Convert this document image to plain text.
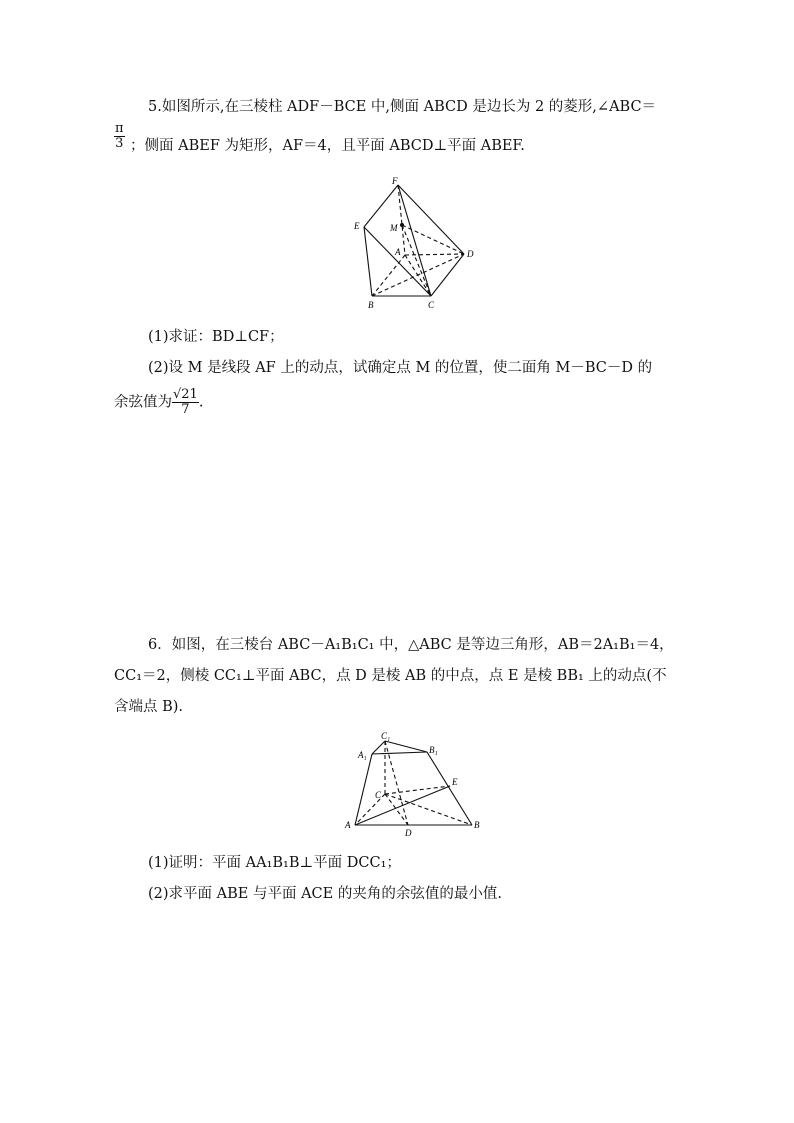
5.如图所示,在三棱柱 ADF－BCE 中,侧面 ABCD 是边长为 2 的菱形,∠ABC＝
$\frac{\pi}{3}$ ；侧面 ABEF 为矩形，AF＝4，且平面 ABCD⊥平面 ABEF.
F
E	M
A	D
B	C
(1)求证：BD⊥CF；
(2)设 M 是线段 AF 上的动点，试确定点 M 的位置，使二面角 M－BC－D 的
余弦值为 $\frac{√21}{7}$ .
6．如图，在三棱台 ABC－A₁B₁C₁ 中，△ABC 是等边三角形，AB＝2A₁B₁＝4，
CC₁＝2，侧棱 CC₁⊥平面 ABC，点 D 是棱 AB 的中点，点 E 是棱 BB₁ 上的动点(不
含端点 B).
C₁
A₁	B₁
E
C
A
D
B
(1)证明：平面 AA₁B₁B⊥平面 DCC₁；
(2)求平面 ABE 与平面 ACE 的夹角的余弦值的最小值.
